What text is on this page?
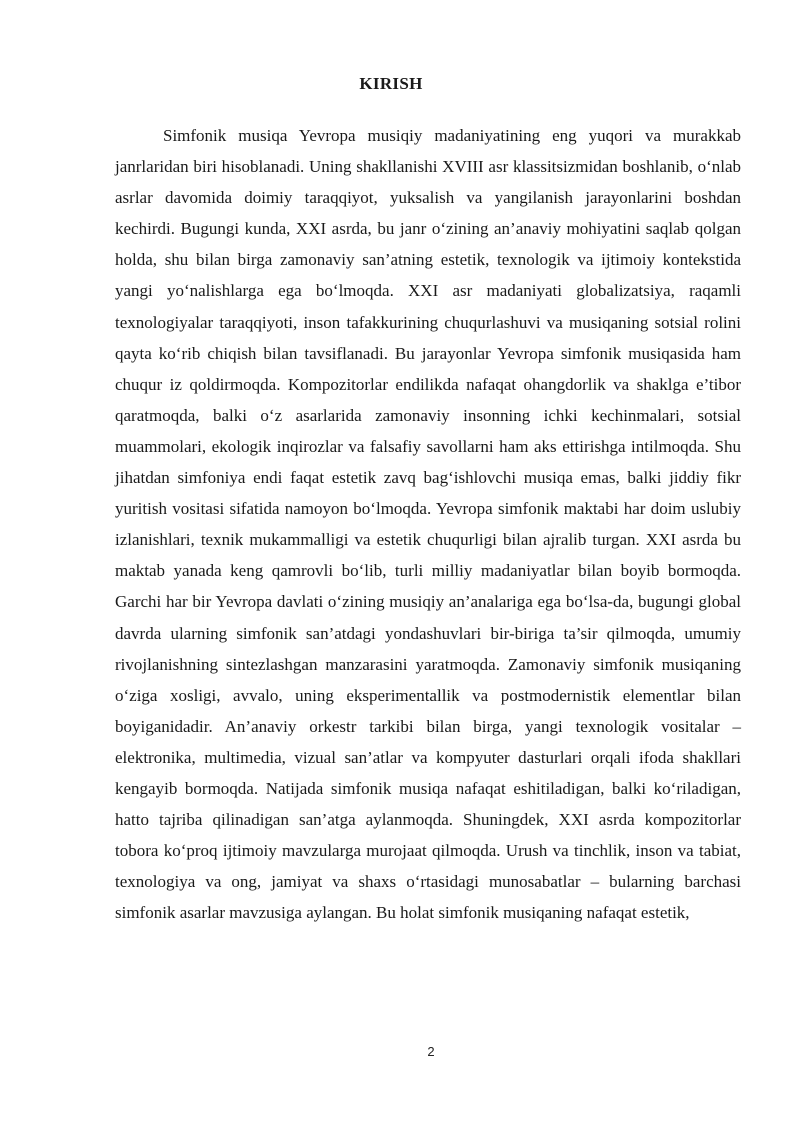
KIRISH

Simfonik musiqa Yevropa musiqiy madaniyatining eng yuqori va murakkab janrlaridan biri hisoblanadi. Uning shakllanishi XVIII asr klassitsizmidan boshlanib, o‘nlab asrlar davomida doimiy taraqqiyot, yuksalish va yangilanish jarayonlarini boshdan kechirdi. Bugungi kunda, XXI asrda, bu janr o‘zining an’anaviy mohiyatini saqlab qolgan holda, shu bilan birga zamonaviy san’atning estetik, texnologik va ijtimoiy kontekstida yangi yo‘nalishlarga ega bo‘lmoqda. XXI asr madaniyati globalizatsiya, raqamli texnologiyalar taraqqiyoti, inson tafakkurining chuqurlashuvi va musiqaning sotsial rolini qayta ko‘rib chiqish bilan tavsiflanadi. Bu jarayonlar Yevropa simfonik musiqasida ham chuqur iz qoldirmoqda. Kompozitorlar endilikda nafaqat ohangdorlik va shaklga e’tibor qaratmoqda, balki o‘z asarlarida zamonaviy insonning ichki kechinmalari, sotsial muammolari, ekologik inqirozlar va falsafiy savollarni ham aks ettirishga intilmoqda. Shu jihatdan simfoniya endi faqat estetik zavq bag‘ishlovchi musiqa emas, balki jiddiy fikr yuritish vositasi sifatida namoyon bo‘lmoqda. Yevropa simfonik maktabi har doim uslubiy izlanishlari, texnik mukammalligi va estetik chuqurligi bilan ajralib turgan. XXI asrda bu maktab yanada keng qamrovli bo‘lib, turli milliy madaniyatlar bilan boyib bormoqda. Garchi har bir Yevropa davlati o‘zining musiqiy an’analariga ega bo‘lsa-da, bugungi global davrda ularning simfonik san’atdagi yondashuvlari bir-biriga ta’sir qilmoqda, umumiy rivojlanishning sintezlashgan manzarasini yaratmoqda. Zamonaviy simfonik musiqaning o‘ziga xosligi, avvalo, uning eksperimentallik va postmodernistik elementlar bilan boyiganidadir. An’anaviy orkestr tarkibi bilan birga, yangi texnologik vositalar – elektronika, multimedia, vizual san’atlar va kompyuter dasturlari orqali ifoda shakllari kengayib bormoqda. Natijada simfonik musiqa nafaqat eshitiladigan, balki ko‘riladigan, hatto tajriba qilinadigan san’atga aylanmoqda. Shuningdek, XXI asrda kompozitorlar tobora ko‘proq ijtimoiy mavzularga murojaat qilmoqda. Urush va tinchlik, inson va tabiat, texnologiya va ong, jamiyat va shaxs o‘rtasidagi munosabatlar – bularning barchasi simfonik asarlar mavzusiga aylangan. Bu holat simfonik musiqaning nafaqat estetik,

2
